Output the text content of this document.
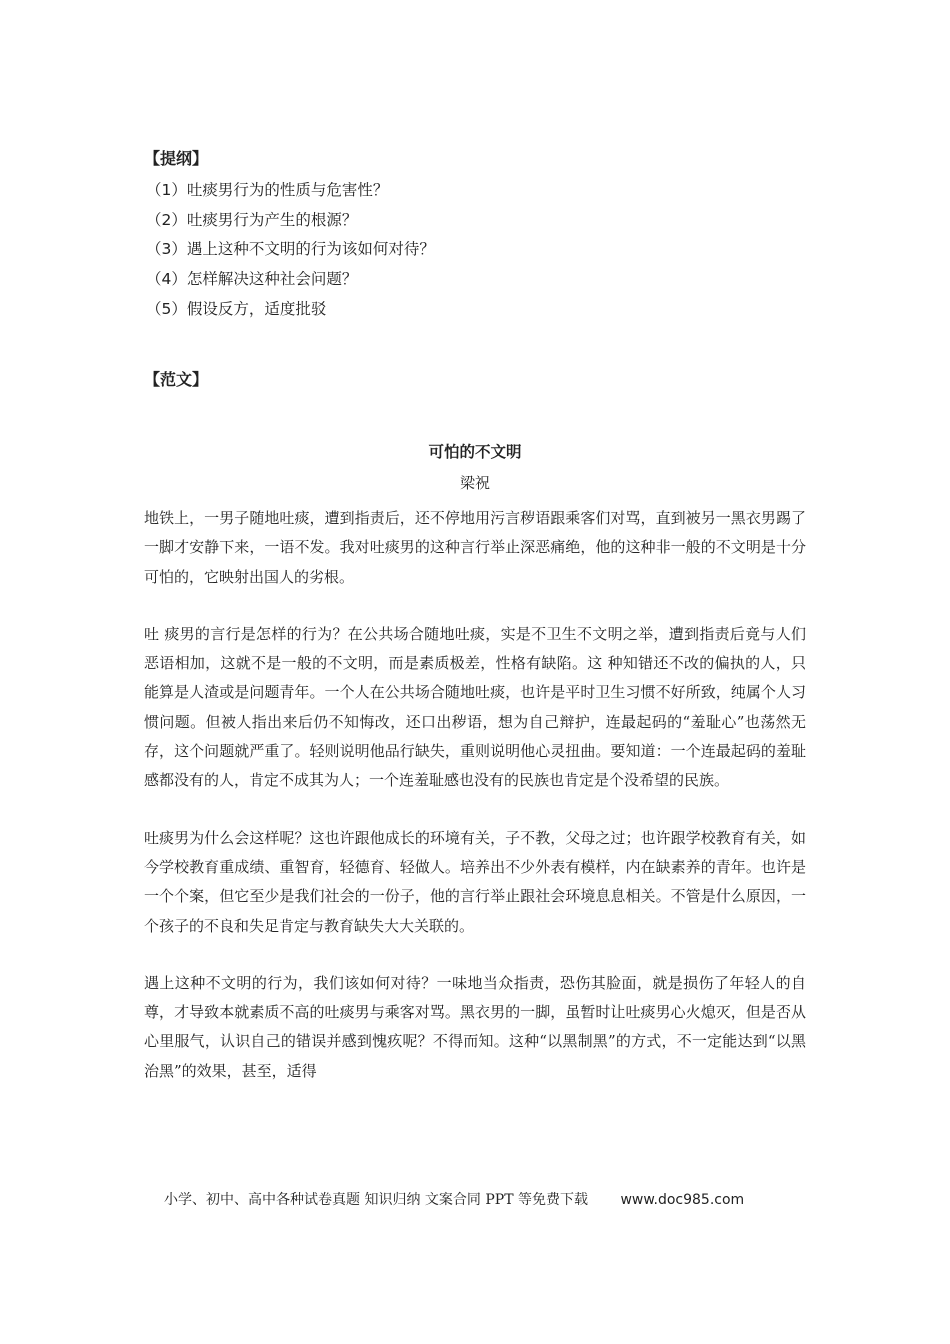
【提纲】
（1）吐痰男行为的性质与危害性？
（2）吐痰男行为产生的根源？
（3）遇上这种不文明的行为该如何对待？
（4）怎样解决这种社会问题？
（5）假设反方，适度批驳
【范文】
可怕的不文明
梁祝

地铁上，一男子随地吐痰，遭到指责后，还不停地用污言秽语跟乘客们对骂，直到被另一黑衣男踢了一脚才安静下来，一语不发。我对吐痰男的这种言行举止深恶痛绝，他的这种非一般的不文明是十分可怕的，它映射出国人的劣根。

吐 痰男的言行是怎样的行为？在公共场合随地吐痰，实是不卫生不文明之举，遭到指责后竟与人们恶语相加，这就不是一般的不文明，而是素质极差，性格有缺陷。这 种知错还不改的偏执的人，只能算是人渣或是问题青年。一个人在公共场合随地吐痰，也许是平时卫生习惯不好所致，纯属个人习惯问题。但被人指出来后仍不知悔改，还口出秽语，想为自己辩护，连最起码的“羞耻心”也荡然无存，这个问题就严重了。轻则说明他品行缺失，重则说明他心灵扭曲。要知道：一个连最起码的羞耻感都没有的人，肯定不成其为人；一个连羞耻感也没有的民族也肯定是个没希望的民族。

吐痰男为什么会这样呢？这也许跟他成长的环境有关，子不教，父母之过；也许跟学校教育有关，如今学校教育重成绩、重智育，轻德育、轻做人。培养出不少外表有模样，内在缺素养的青年。也许是一个个案，但它至少是我们社会的一份子，他的言行举止跟社会环境息息相关。不管是什么原因，一个孩子的不良和失足肯定与教育缺失大大关联的。

遇上这种不文明的行为，我们该如何对待？一味地当众指责，恐伤其脸面，就是损伤了年轻人的自尊，才导致本就素质不高的吐痰男与乘客对骂。黑衣男的一脚，虽暂时让吐痰男心火熄灭，但是否从心里服气，认识自己的错误并感到愧疚呢？不得而知。这种“以黑制黑”的方式，不一定能达到“以黑治黑”的效果，甚至，适得

小学、初中、高中各种试卷真题 知识归纳 文案合同 PPT 等免费下载 www.doc985.com
